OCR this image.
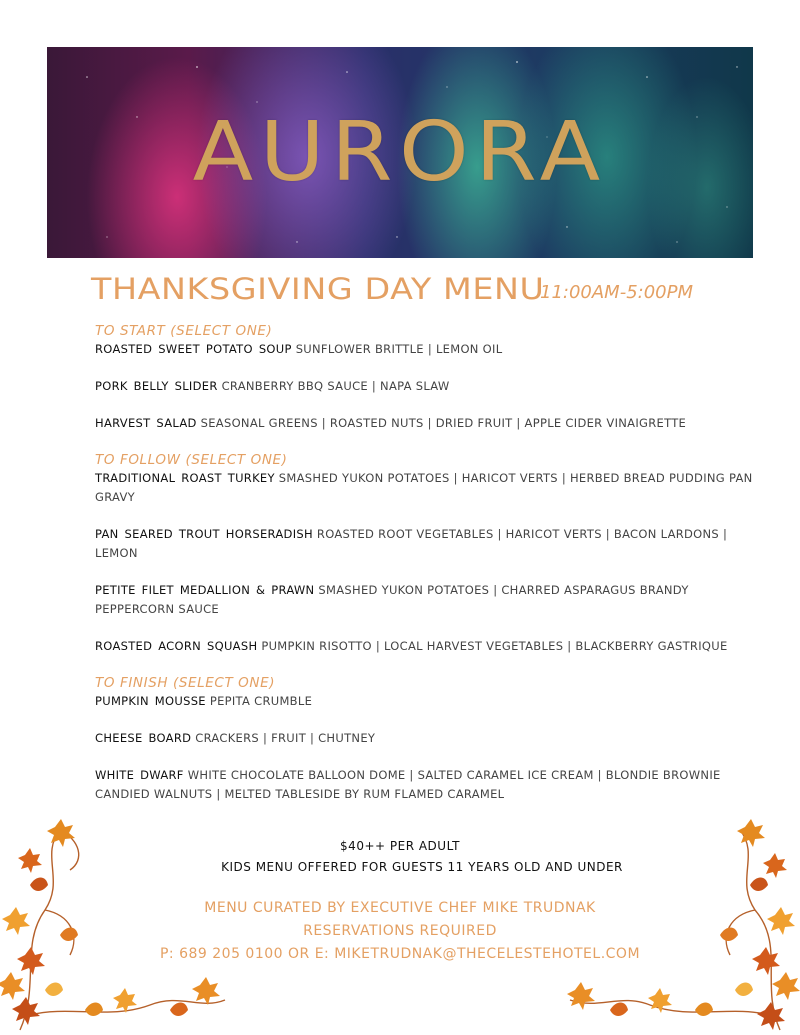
AURORA
THANKSGIVING DAY MENU
11:00AM-5:00PM

TO START (SELECT ONE)

ROASTED SWEET POTATO SOUP SUNFLOWER BRITTLE | LEMON OIL

PORK BELLY SLIDER CRANBERRY BBQ SAUCE | NAPA SLAW

HARVEST SALAD SEASONAL GREENS | ROASTED NUTS | DRIED FRUIT | APPLE CIDER VINAIGRETTE

TO FOLLOW (SELECT ONE)

TRADITIONAL ROAST TURKEY SMASHED YUKON POTATOES | HARICOT VERTS | HERBED BREAD PUDDING PAN GRAVY

PAN SEARED TROUT HORSERADISH ROASTED ROOT VEGETABLES | HARICOT VERTS | BACON LARDONS | LEMON

PETITE FILET MEDALLION & PRAWN SMASHED YUKON POTATOES | CHARRED ASPARAGUS BRANDY PEPPERCORN SAUCE

ROASTED ACORN SQUASH PUMPKIN RISOTTO | LOCAL HARVEST VEGETABLES | BLACKBERRY GASTRIQUE

TO FINISH (SELECT ONE)

PUMPKIN MOUSSE PEPITA CRUMBLE

CHEESE BOARD CRACKERS | FRUIT | CHUTNEY

WHITE DWARF WHITE CHOCOLATE BALLOON DOME | SALTED CARAMEL ICE CREAM | BLONDIE BROWNIE CANDIED WALNUTS | MELTED TABLESIDE BY RUM FLAMED CARAMEL

$40++ PER ADULT
KIDS MENU OFFERED FOR GUESTS 11 YEARS OLD AND UNDER
MENU CURATED BY EXECUTIVE CHEF MIKE TRUDNAK
RESERVATIONS REQUIRED
P: 689 205 0100 OR E: MIKETRUDNAK@THECELESTEHOTEL.COM
